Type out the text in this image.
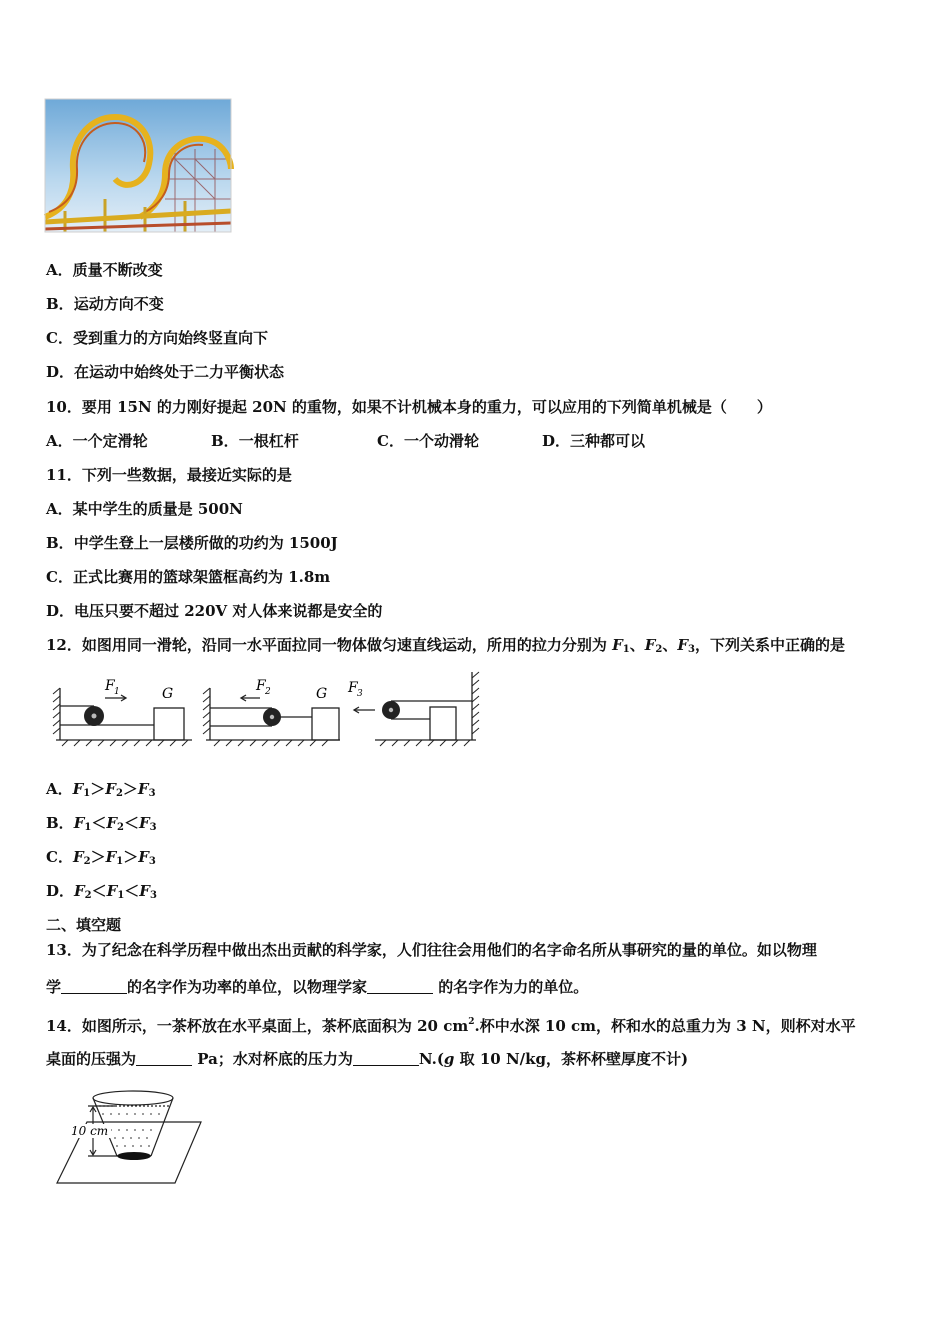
A．质量不断改变
B．运动方向不变
C．受到重力的方向始终竖直向下
D．在运动中始终处于二力平衡状态
10．要用 15N 的力刚好提起 20N 的重物，如果不计机械本身的重力，可以应用的下列简单机械是（　　）
A．一个定滑轮	B．一根杠杆	C．一个动滑轮	D．三种都可以
11．下列一些数据，最接近实际的是
A．某中学生的质量是 500N
B．中学生登上一层楼所做的功约为 1500J
C．正式比赛用的篮球架篮框高约为 1.8m
D．电压只要不超过 220V 对人体来说都是安全的
12．如图用同一滑轮，沿同一水平面拉同一物体做匀速直线运动，所用的拉力分别为 $F_1$、$F_2$、$F_3$，下列关系中正确的是
F 1	G	F 2	G F 3
A．$F_1>F_2>F_3$
B．$F_1<F_2<F_3$
C．$F_2>F_1>F_3$
D．$F_2<F_1<F_3$
二、填空题
13．为了纪念在科学历程中做出杰出贡献的科学家，人们往往会用他们的名字命名所从事研究的量的单位。如以物理
学	的名字作为功率的单位，以物理学家	的名字作为力的单位。
14．如图所示，一茶杯放在水平桌面上，茶杯底面积为 20 $cm^2$.杯中水深 10 cm，杯和水的总重力为 3 N，则杯对水平
桌面的压强为	Pa；水对杯底的压力为	N.(g 取 10 N/kg，茶杯杯壁厚度不计)
10 cm
